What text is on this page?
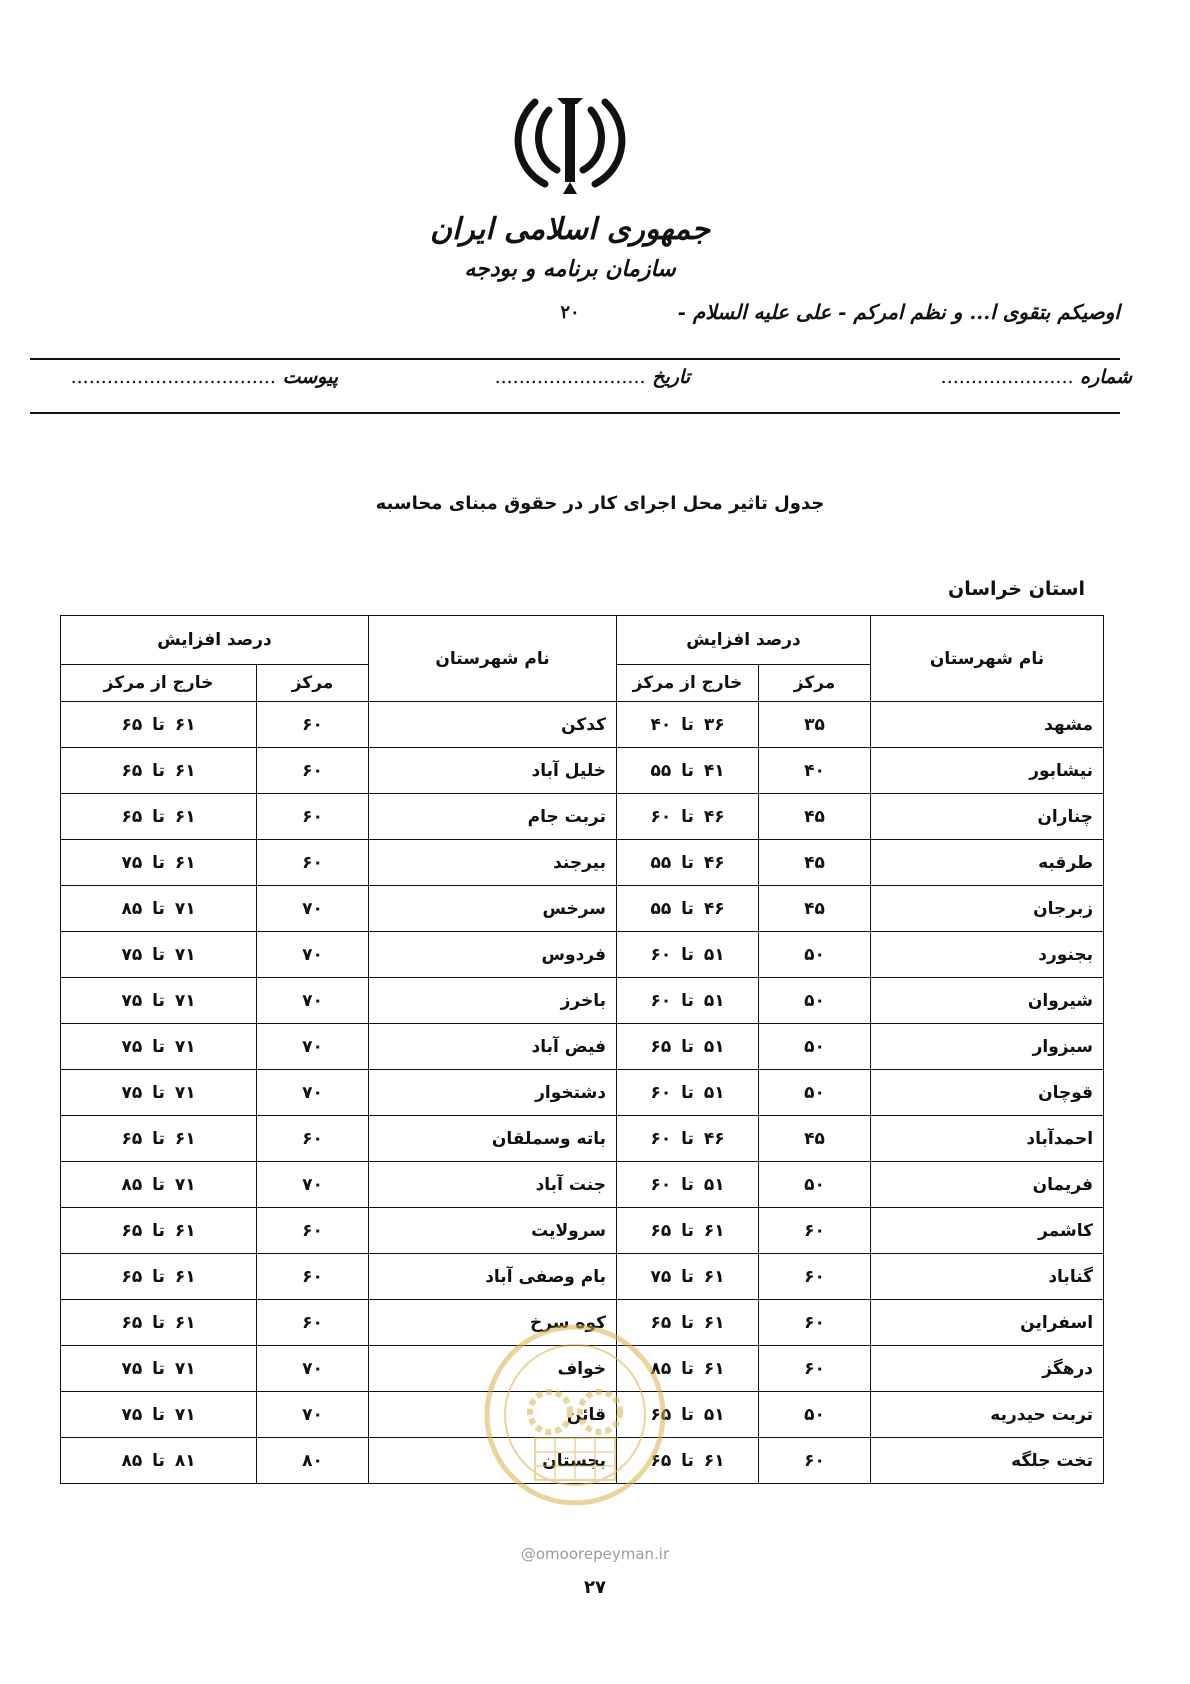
جمهوری اسلامی ایران
سازمان برنامه و بودجه
۲۰	اوصیکم بتقوی ا... و نظم امرکم - علی علیه السلام -
شماره ......................
تاریخ .........................
پیوست ..................................
جدول تاثیر محل اجرای کار در حقوق مبنای محاسبه
استان خراسان
نام شهرستان	درصد افزایش		نام شهرستان	درصد افزایش	
	مرکز	خارج از مرکز		مرکز	خارج از مرکز
مشهد	۳۵	۳۶ تا ۴۰	کدکن	۶۰	۶۱ تا ۶۵
نیشابور	۴۰	۴۱ تا ۵۵	خلیل آباد	۶۰	۶۱ تا ۶۵
چناران	۴۵	۴۶ تا ۶۰	تربت جام	۶۰	۶۱ تا ۶۵
طرقبه	۴۵	۴۶ تا ۵۵	بیرجند	۶۰	۶۱ تا ۷۵
زبرجان	۴۵	۴۶ تا ۵۵	سرخس	۷۰	۷۱ تا ۸۵
بجنورد	۵۰	۵۱ تا ۶۰	فردوس	۷۰	۷۱ تا ۷۵
شیروان	۵۰	۵۱ تا ۶۰	باخرز	۷۰	۷۱ تا ۷۵
سبزوار	۵۰	۵۱ تا ۶۵	فیض آباد	۷۰	۷۱ تا ۷۵
قوچان	۵۰	۵۱ تا ۶۰	دشتخوار	۷۰	۷۱ تا ۷۵
احمدآباد	۴۵	۴۶ تا ۶۰	باته وسملقان	۶۰	۶۱ تا ۶۵
فریمان	۵۰	۵۱ تا ۶۰	جنت آباد	۷۰	۷۱ تا ۸۵
کاشمر	۶۰	۶۱ تا ۶۵	سرولایت	۶۰	۶۱ تا ۶۵
گناباد	۶۰	۶۱ تا ۷۵	بام وصفی آباد	۶۰	۶۱ تا ۶۵
اسفراین	۶۰	۶۱ تا ۶۵	کوه سرخ	۶۰	۶۱ تا ۶۵
درهگز	۶۰	۶۱ تا ۸۵	خواف	۷۰	۷۱ تا ۷۵
تربت حیدریه	۵۰	۵۱ تا ۶۵	قائن	۷۰	۷۱ تا ۷۵
تخت جلگه	۶۰	۶۱ تا ۶۵	بجستان	۸۰	۸۱ تا ۸۵
@omoorepeyman.ir
۲۷
